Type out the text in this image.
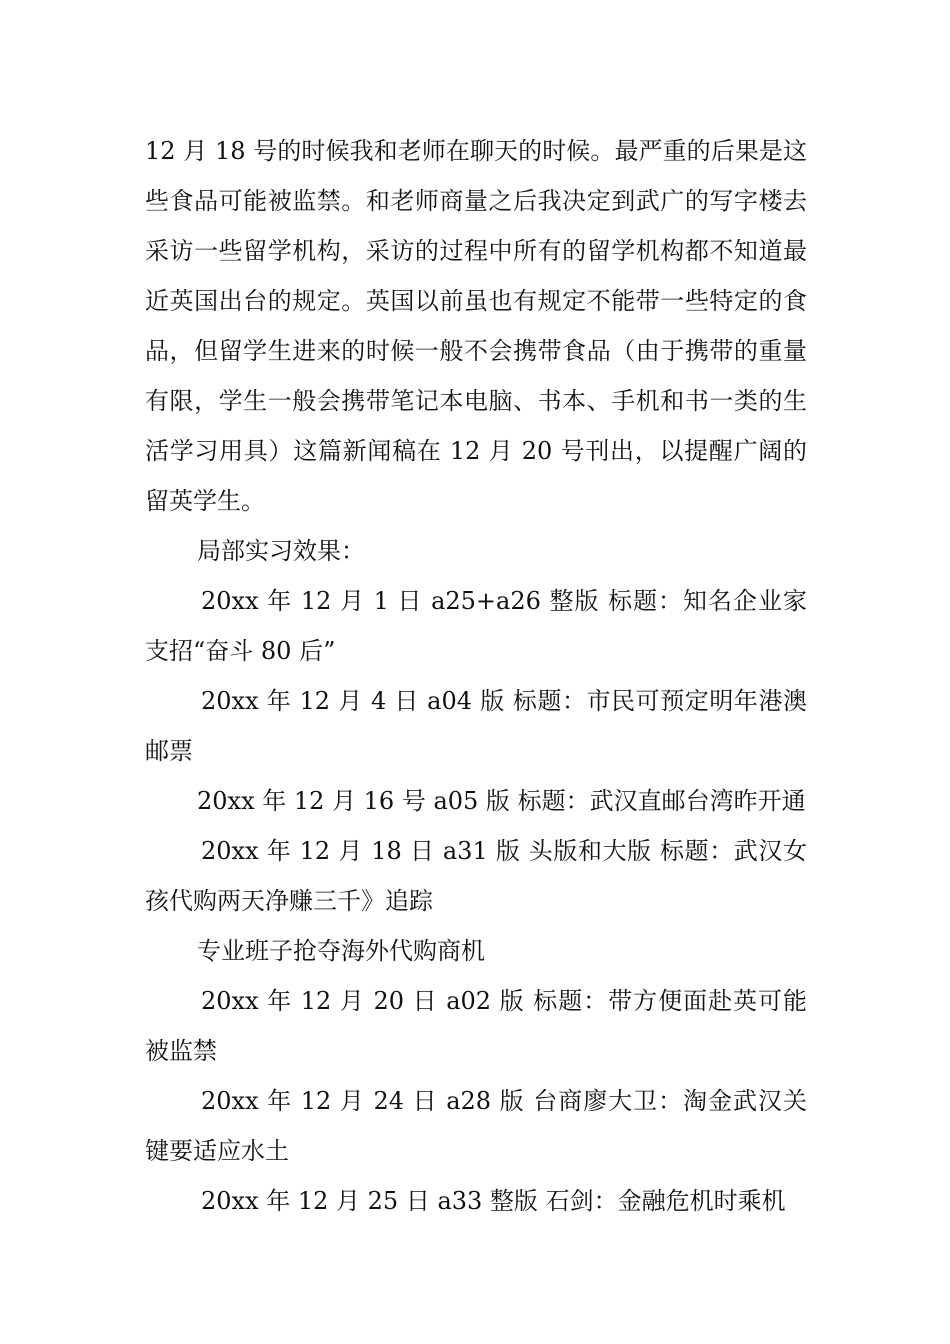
12 月 18 号的时候我和老师在聊天的时候。最严重的后果是这些食品可能被监禁。和老师商量之后我决定到武广的写字楼去采访一些留学机构，采访的过程中所有的留学机构都不知道最近英国出台的规定。英国以前虽也有规定不能带一些特定的食品，但留学生进来的时候一般不会携带食品（由于携带的重量有限，学生一般会携带笔记本电脑、书本、手机和书一类的生活学习用具）这篇新闻稿在 12 月 20 号刊出，以提醒广阔的留英学生。

局部实习效果：

20xx 年 12 月 1 日 a25+a26 整版 标题：知名企业家支招“奋斗 80 后”

20xx 年 12 月 4 日 a04 版 标题：市民可预定明年港澳邮票

20xx 年 12 月 16 号 a05 版 标题：武汉直邮台湾昨开通

20xx 年 12 月 18 日 a31 版 头版和大版 标题：武汉女孩代购两天净赚三千》追踪

专业班子抢夺海外代购商机

20xx 年 12 月 20 日 a02 版 标题：带方便面赴英可能被监禁

20xx 年 12 月 24 日 a28 版 台商廖大卫：淘金武汉关键要适应水土

20xx 年 12 月 25 日 a33 整版 石剑：金融危机时乘机
